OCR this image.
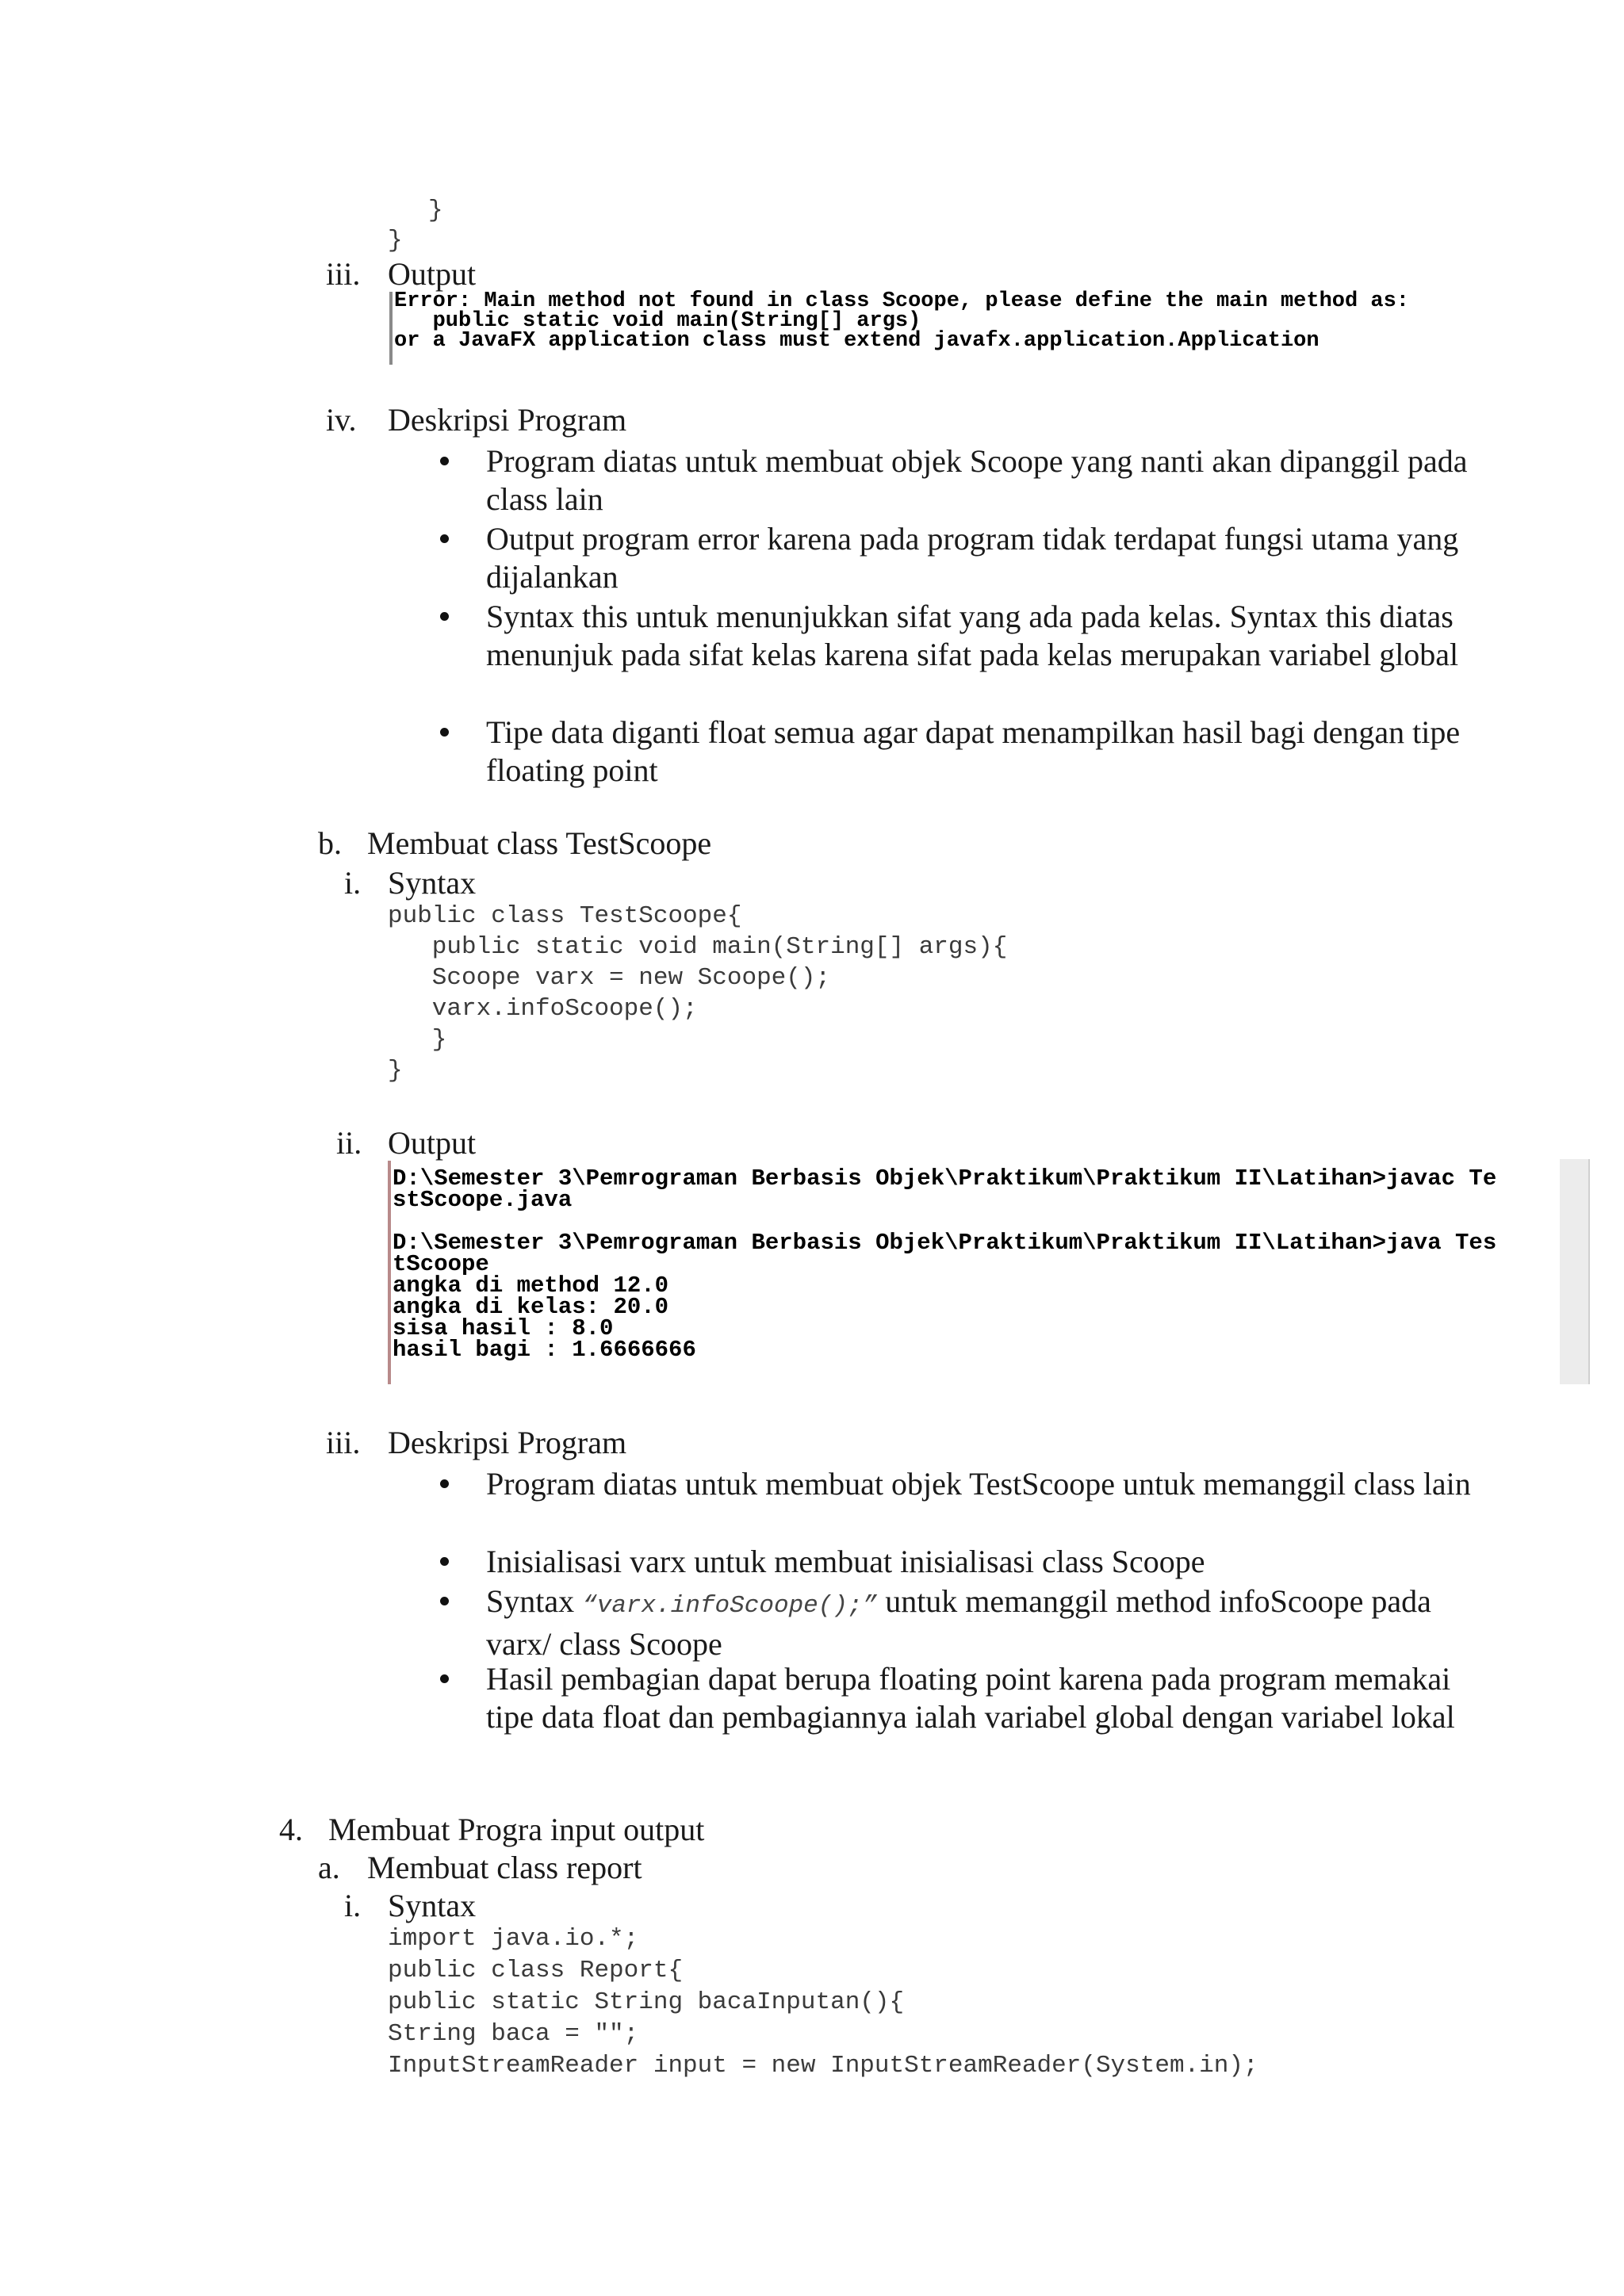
}
}
iii. Output
Error: Main method not found in class Scoope, please define the main method as:
public static void main(String[] args)
or a JavaFX application class must extend javafx.application.Application
iv. Deskripsi Program
Program diatas untuk membuat objek Scoope yang nanti akan dipanggil pada class lain
Output program error karena pada program tidak terdapat fungsi utama yang dijalankan
Syntax this untuk menunjukkan sifat yang ada pada kelas. Syntax this diatas menunjuk pada sifat kelas karena sifat pada kelas merupakan variabel global
Tipe data diganti float semua agar dapat menampilkan hasil bagi dengan tipe floating point
b. Membuat class TestScoope
i. Syntax
public class TestScoope{
public static void main(String[] args){
Scoope varx = new Scoope();
varx.infoScoope();
}
}
ii. Output
D:\Semester 3\Pemrograman Berbasis Objek\Praktikum\Praktikum II\Latihan>javac Te
stScoope.java
D:\Semester 3\Pemrograman Berbasis Objek\Praktikum\Praktikum II\Latihan>java Tes
tScoope
angka di method 12.0
angka di kelas: 20.0
sisa hasil : 8.0
hasil bagi : 1.6666666
iii. Deskripsi Program
Program diatas untuk membuat objek TestScoope untuk memanggil class lain
Inisialisasi varx untuk membuat inisialisasi class Scoope
Syntax “varx.infoScoope();” untuk memanggil method infoScoope pada varx/ class Scoope
Hasil pembagian dapat berupa floating point karena pada program memakai tipe data float dan pembagiannya ialah variabel global dengan variabel lokal
4. Membuat Progra input output
a. Membuat class report
i. Syntax
import java.io.*;
public class Report{
public static String bacaInputan(){
String baca = "";
InputStreamReader input = new InputStreamReader(System.in);
